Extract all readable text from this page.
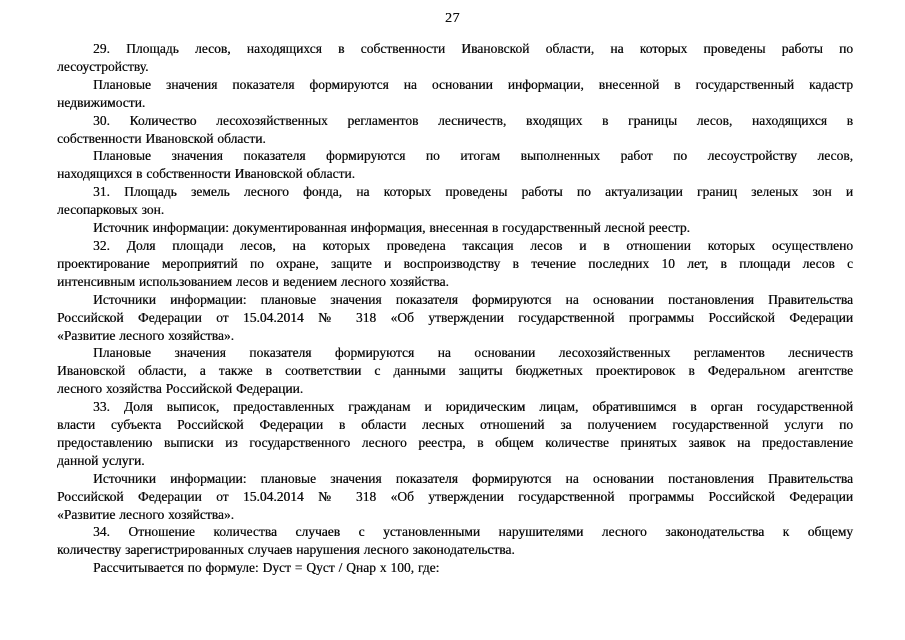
27
29. Площадь лесов, находящихся в собственности Ивановской области, на которых проведены работы по
лесоустройству.
Плановые значения показателя формируются на основании информации, внесенной в государственный кадастр
недвижимости.
30. Количество лесохозяйственных регламентов лесничеств, входящих в границы лесов, находящихся в
собственности Ивановской области.
Плановые значения показателя формируются по итогам выполненных работ по лесоустройству лесов,
находящихся в собственности Ивановской области.
31. Площадь земель лесного фонда, на которых проведены работы по актуализации границ зеленых зон и
лесопарковых зон.
Источник информации: документированная информация, внесенная в государственный лесной реестр.
32. Доля площади лесов, на которых проведена таксация лесов и в отношении которых осуществлено
проектирование мероприятий по охране, защите и воспроизводству в течение последних 10 лет, в площади лесов с
интенсивным использованием лесов и ведением лесного хозяйства.
Источники информации: плановые значения показателя формируются на основании постановления Правительства
Российской Федерации от 15.04.2014 № 318 «Об утверждении государственной программы Российской Федерации
«Развитие лесного хозяйства».
Плановые значения показателя формируются на основании лесохозяйственных регламентов лесничеств
Ивановской области, а также в соответствии с данными защиты бюджетных проектировок в Федеральном агентстве
лесного хозяйства Российской Федерации.
33. Доля выписок, предоставленных гражданам и юридическим лицам, обратившимся в орган государственной
власти субъекта Российской Федерации в области лесных отношений за получением государственной услуги по
предоставлению выписки из государственного лесного реестра, в общем количестве принятых заявок на предоставление
данной услуги.
Источники информации: плановые значения показателя формируются на основании постановления Правительства
Российской Федерации от 15.04.2014 № 318 «Об утверждении государственной программы Российской Федерации
«Развитие лесного хозяйства».
34. Отношение количества случаев с установленными нарушителями лесного законодательства к общему
количеству зарегистрированных случаев нарушения лесного законодательства.
Рассчитывается по формуле: Dуст = Qуст / Qнар x 100, где:
